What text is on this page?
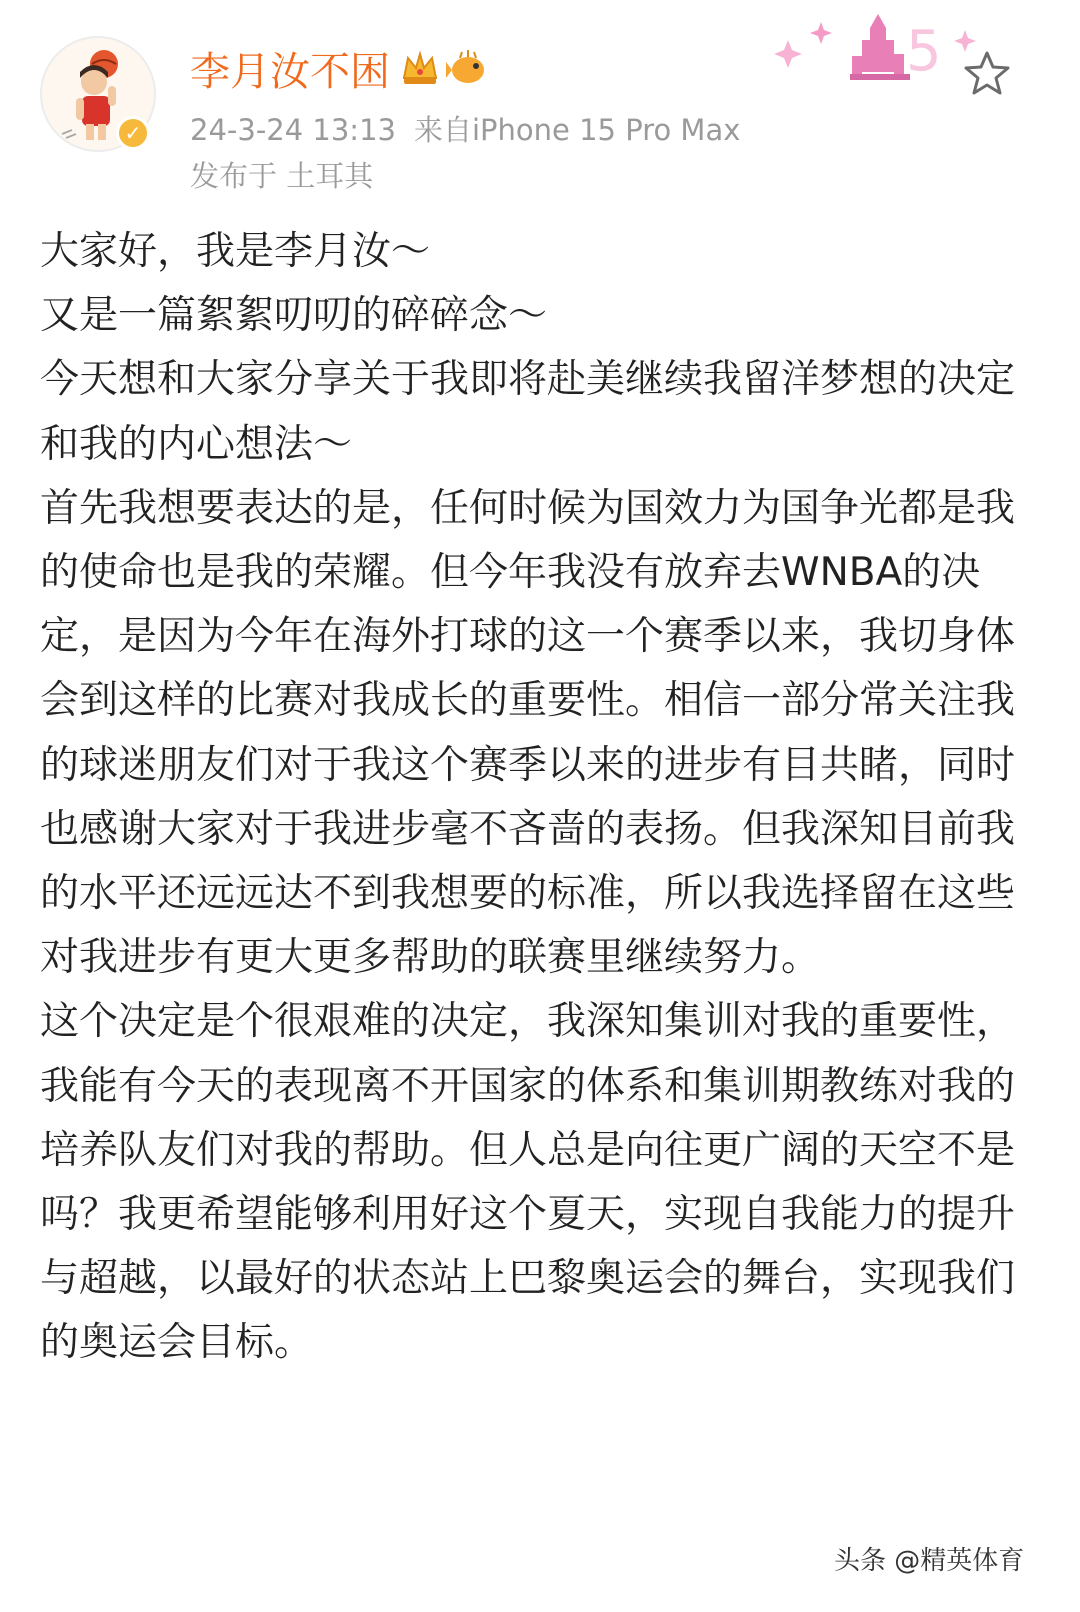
✓
李月汝不困
24-3-24 13:13 来自iPhone 15 Pro Max
发布于 土耳其
5

大家好，我是李月汝～

又是一篇絮絮叨叨的碎碎念～

今天想和大家分享关于我即将赴美继续我留洋梦想的决定和我的内心想法～

首先我想要表达的是，任何时候为国效力为国争光都是我的使命也是我的荣耀。但今年我没有放弃去WNBA的决定，是因为今年在海外打球的这一个赛季以来，我切身体会到这样的比赛对我成长的重要性。相信一部分常关注我的球迷朋友们对于我这个赛季以来的进步有目共睹，同时也感谢大家对于我进步毫不吝啬的表扬。但我深知目前我的水平还远远达不到我想要的标准，所以我选择留在这些对我进步有更大更多帮助的联赛里继续努力。

这个决定是个很艰难的决定，我深知集训对我的重要性，我能有今天的表现离不开国家的体系和集训期教练对我的培养队友们对我的帮助。但人总是向往更广阔的天空不是吗？我更希望能够利用好这个夏天，实现自我能力的提升与超越，以最好的状态站上巴黎奥运会的舞台，实现我们的奥运会目标。

头条 @精英体育
